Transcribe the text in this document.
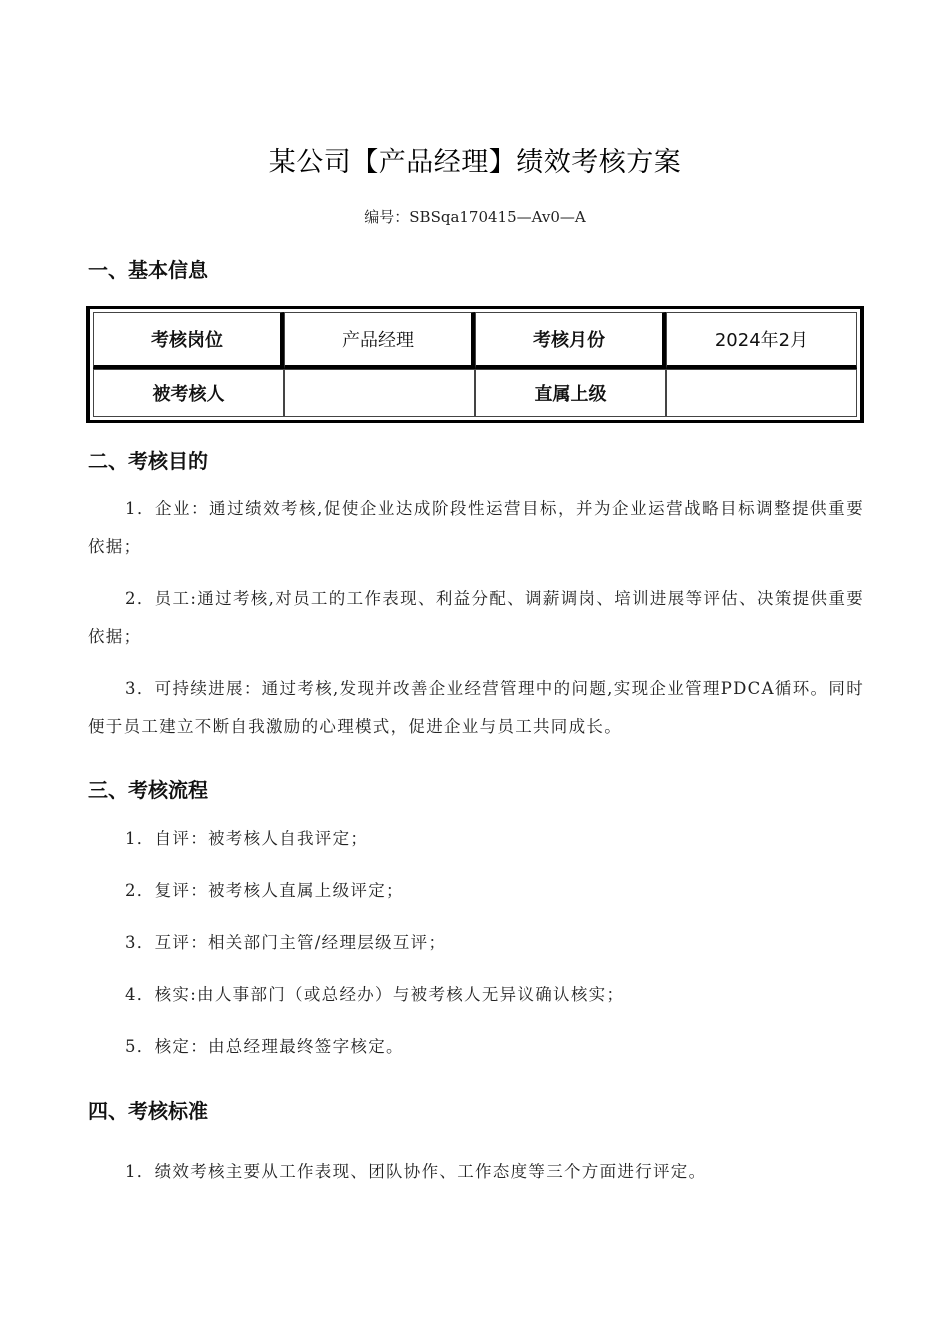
某公司【产品经理】绩效考核方案
编号：SBSqa170415—Av0—A
一、基本信息
考核岗位	产品经理	考核月份	2024年2月
被考核人		直属上级	
二、考核目的
1．企业：通过绩效考核,促使企业达成阶段性运营目标，并为企业运营战略目标调整提供重要依据；
2．员工:通过考核,对员工的工作表现、利益分配、调薪调岗、培训进展等评估、决策提供重要依据；
3．可持续进展：通过考核,发现并改善企业经营管理中的问题,实现企业管理PDCA循环。同时便于员工建立不断自我激励的心理模式，促进企业与员工共同成长。
三、考核流程
1．自评：被考核人自我评定；
2．复评：被考核人直属上级评定；
3．互评：相关部门主管/经理层级互评；
4．核实:由人事部门（或总经办）与被考核人无异议确认核实；
5．核定：由总经理最终签字核定。
四、考核标准
1．绩效考核主要从工作表现、团队协作、工作态度等三个方面进行评定。
